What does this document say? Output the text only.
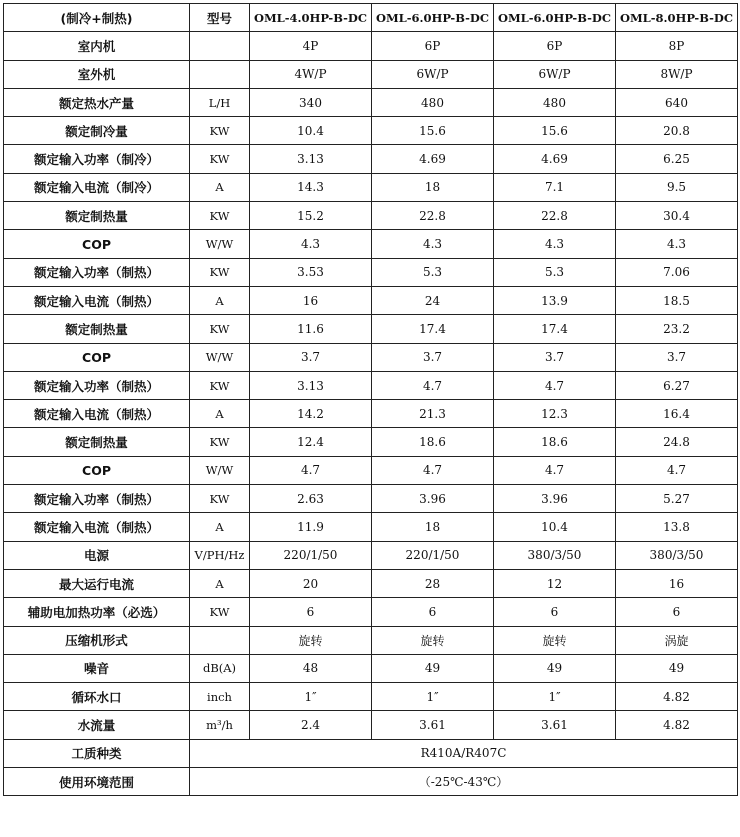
(制冷+制热)	型号	OML-4.0HP-B-DC	OML-6.0HP-B-DC	OML-6.0HP-B-DC	OML-8.0HP-B-DC
室内机		4P	6P	6P	8P
室外机		4W/P	6W/P	6W/P	8W/P
额定热水产量	L/H	340	480	480	640
额定制冷量	KW	10.4	15.6	15.6	20.8
额定输入功率（制冷）	KW	3.13	4.69	4.69	6.25
额定输入电流（制冷）	A	14.3	18	7.1	9.5
额定制热量	KW	15.2	22.8	22.8	30.4
COP	W/W	4.3	4.3	4.3	4.3
额定输入功率（制热）	KW	3.53	5.3	5.3	7.06
额定输入电流（制热）	A	16	24	13.9	18.5
额定制热量	KW	11.6	17.4	17.4	23.2
COP	W/W	3.7	3.7	3.7	3.7
额定输入功率（制热）	KW	3.13	4.7	4.7	6.27
额定输入电流（制热）	A	14.2	21.3	12.3	16.4
额定制热量	KW	12.4	18.6	18.6	24.8
COP	W/W	4.7	4.7	4.7	4.7
额定输入功率（制热）	KW	2.63	3.96	3.96	5.27
额定输入电流（制热）	A	11.9	18	10.4	13.8
电源	V/PH/Hz	220/1/50	220/1/50	380/3/50	380/3/50
最大运行电流	A	20	28	12	16
辅助电加热功率（必选）	KW	6	6	6	6
压缩机形式		旋转	旋转	旋转	涡旋
噪音	dB(A)	48	49	49	49
循环水口	inch	1″	1″	1″	4.82
水流量	m³/h	2.4	3.61	3.61	4.82
工质种类	R410A/R407C				
使用环境范围	（-25℃-43℃）				
